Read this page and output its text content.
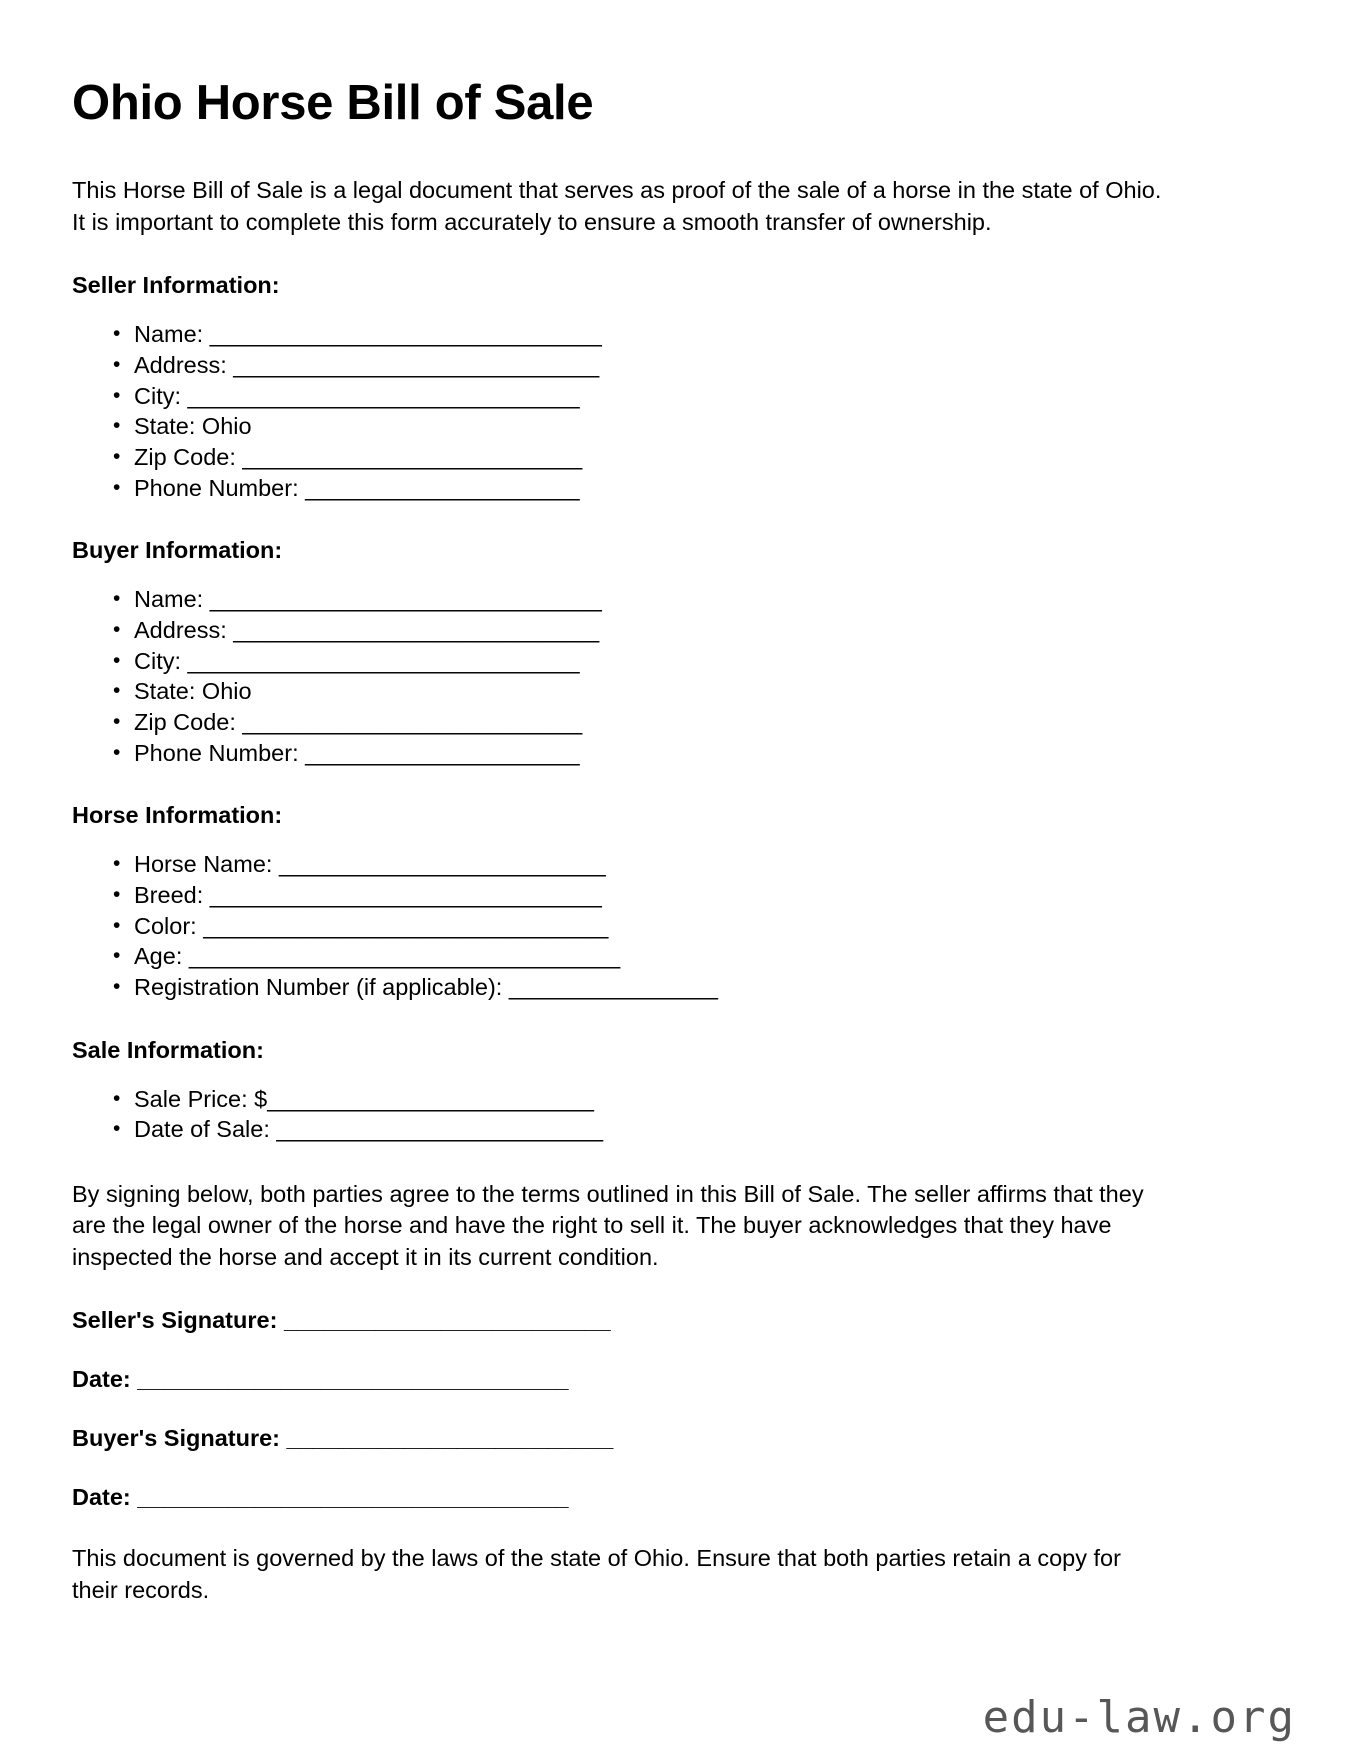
Ohio Horse Bill of Sale

This Horse Bill of Sale is a legal document that serves as proof of the sale of a horse in the state of Ohio. It is important to complete this form accurately to ensure a smooth transfer of ownership.

Seller Information:
• Name: ______________________________
• Address: ____________________________
• City: ______________________________
• State: Ohio
• Zip Code: __________________________
• Phone Number: _____________________
Buyer Information:
• Name: ______________________________
• Address: ____________________________
• City: ______________________________
• State: Ohio
• Zip Code: __________________________
• Phone Number: _____________________
Horse Information:
• Horse Name: _________________________
• Breed: ______________________________
• Color: _______________________________
• Age: _________________________________
• Registration Number (if applicable): ________________
Sale Information:
• Sale Price: $_________________________
• Date of Sale: _________________________

By signing below, both parties agree to the terms outlined in this Bill of Sale. The seller affirms that they are the legal owner of the horse and have the right to sell it. The buyer acknowledges that they have inspected the horse and accept it in its current condition.

Seller's Signature: _________________________
Date: _________________________________
Buyer's Signature: _________________________
Date: _________________________________

This document is governed by the laws of the state of Ohio. Ensure that both parties retain a copy for their records.

edu-law.org
